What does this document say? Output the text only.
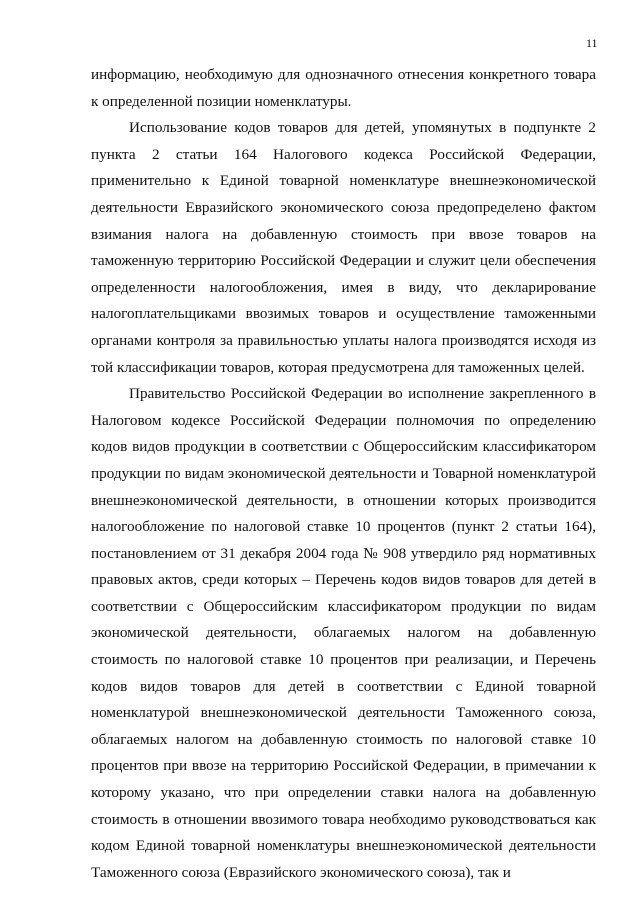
11

информацию, необходимую для однозначного отнесения конкретного товара к определенной позиции номенклатуры.

Использование кодов товаров для детей, упомянутых в подпункте 2 пункта 2 статьи 164 Налогового кодекса Российской Федерации, применительно к Единой товарной номенклатуре внешнеэкономической деятельности Евразийского экономического союза предопределено фактом взимания налога на добавленную стоимость при ввозе товаров на таможенную территорию Российской Федерации и служит цели обеспечения определенности налогообложения, имея в виду, что декларирование налогоплательщиками ввозимых товаров и осуществление таможенными органами контроля за правильностью уплаты налога производятся исходя из той классификации товаров, которая предусмотрена для таможенных целей.

Правительство Российской Федерации во исполнение закрепленного в Налоговом кодексе Российской Федерации полномочия по определению кодов видов продукции в соответствии с Общероссийским классификатором продукции по видам экономической деятельности и Товарной номенклатурой внешнеэкономической деятельности, в отношении которых производится налогообложение по налоговой ставке 10 процентов (пункт 2 статьи 164), постановлением от 31 декабря 2004 года № 908 утвердило ряд нормативных правовых актов, среди которых – Перечень кодов видов товаров для детей в соответствии с Общероссийским классификатором продукции по видам экономической деятельности, облагаемых налогом на добавленную стоимость по налоговой ставке 10 процентов при реализации, и Перечень кодов видов товаров для детей в соответствии с Единой товарной номенклатурой внешнеэкономической деятельности Таможенного союза, облагаемых налогом на добавленную стоимость по налоговой ставке 10 процентов при ввозе на территорию Российской Федерации, в примечании к которому указано, что при определении ставки налога на добавленную стоимость в отношении ввозимого товара необходимо руководствоваться как кодом Единой товарной номенклатуры внешнеэкономической деятельности Таможенного союза (Евразийского экономического союза), так и
